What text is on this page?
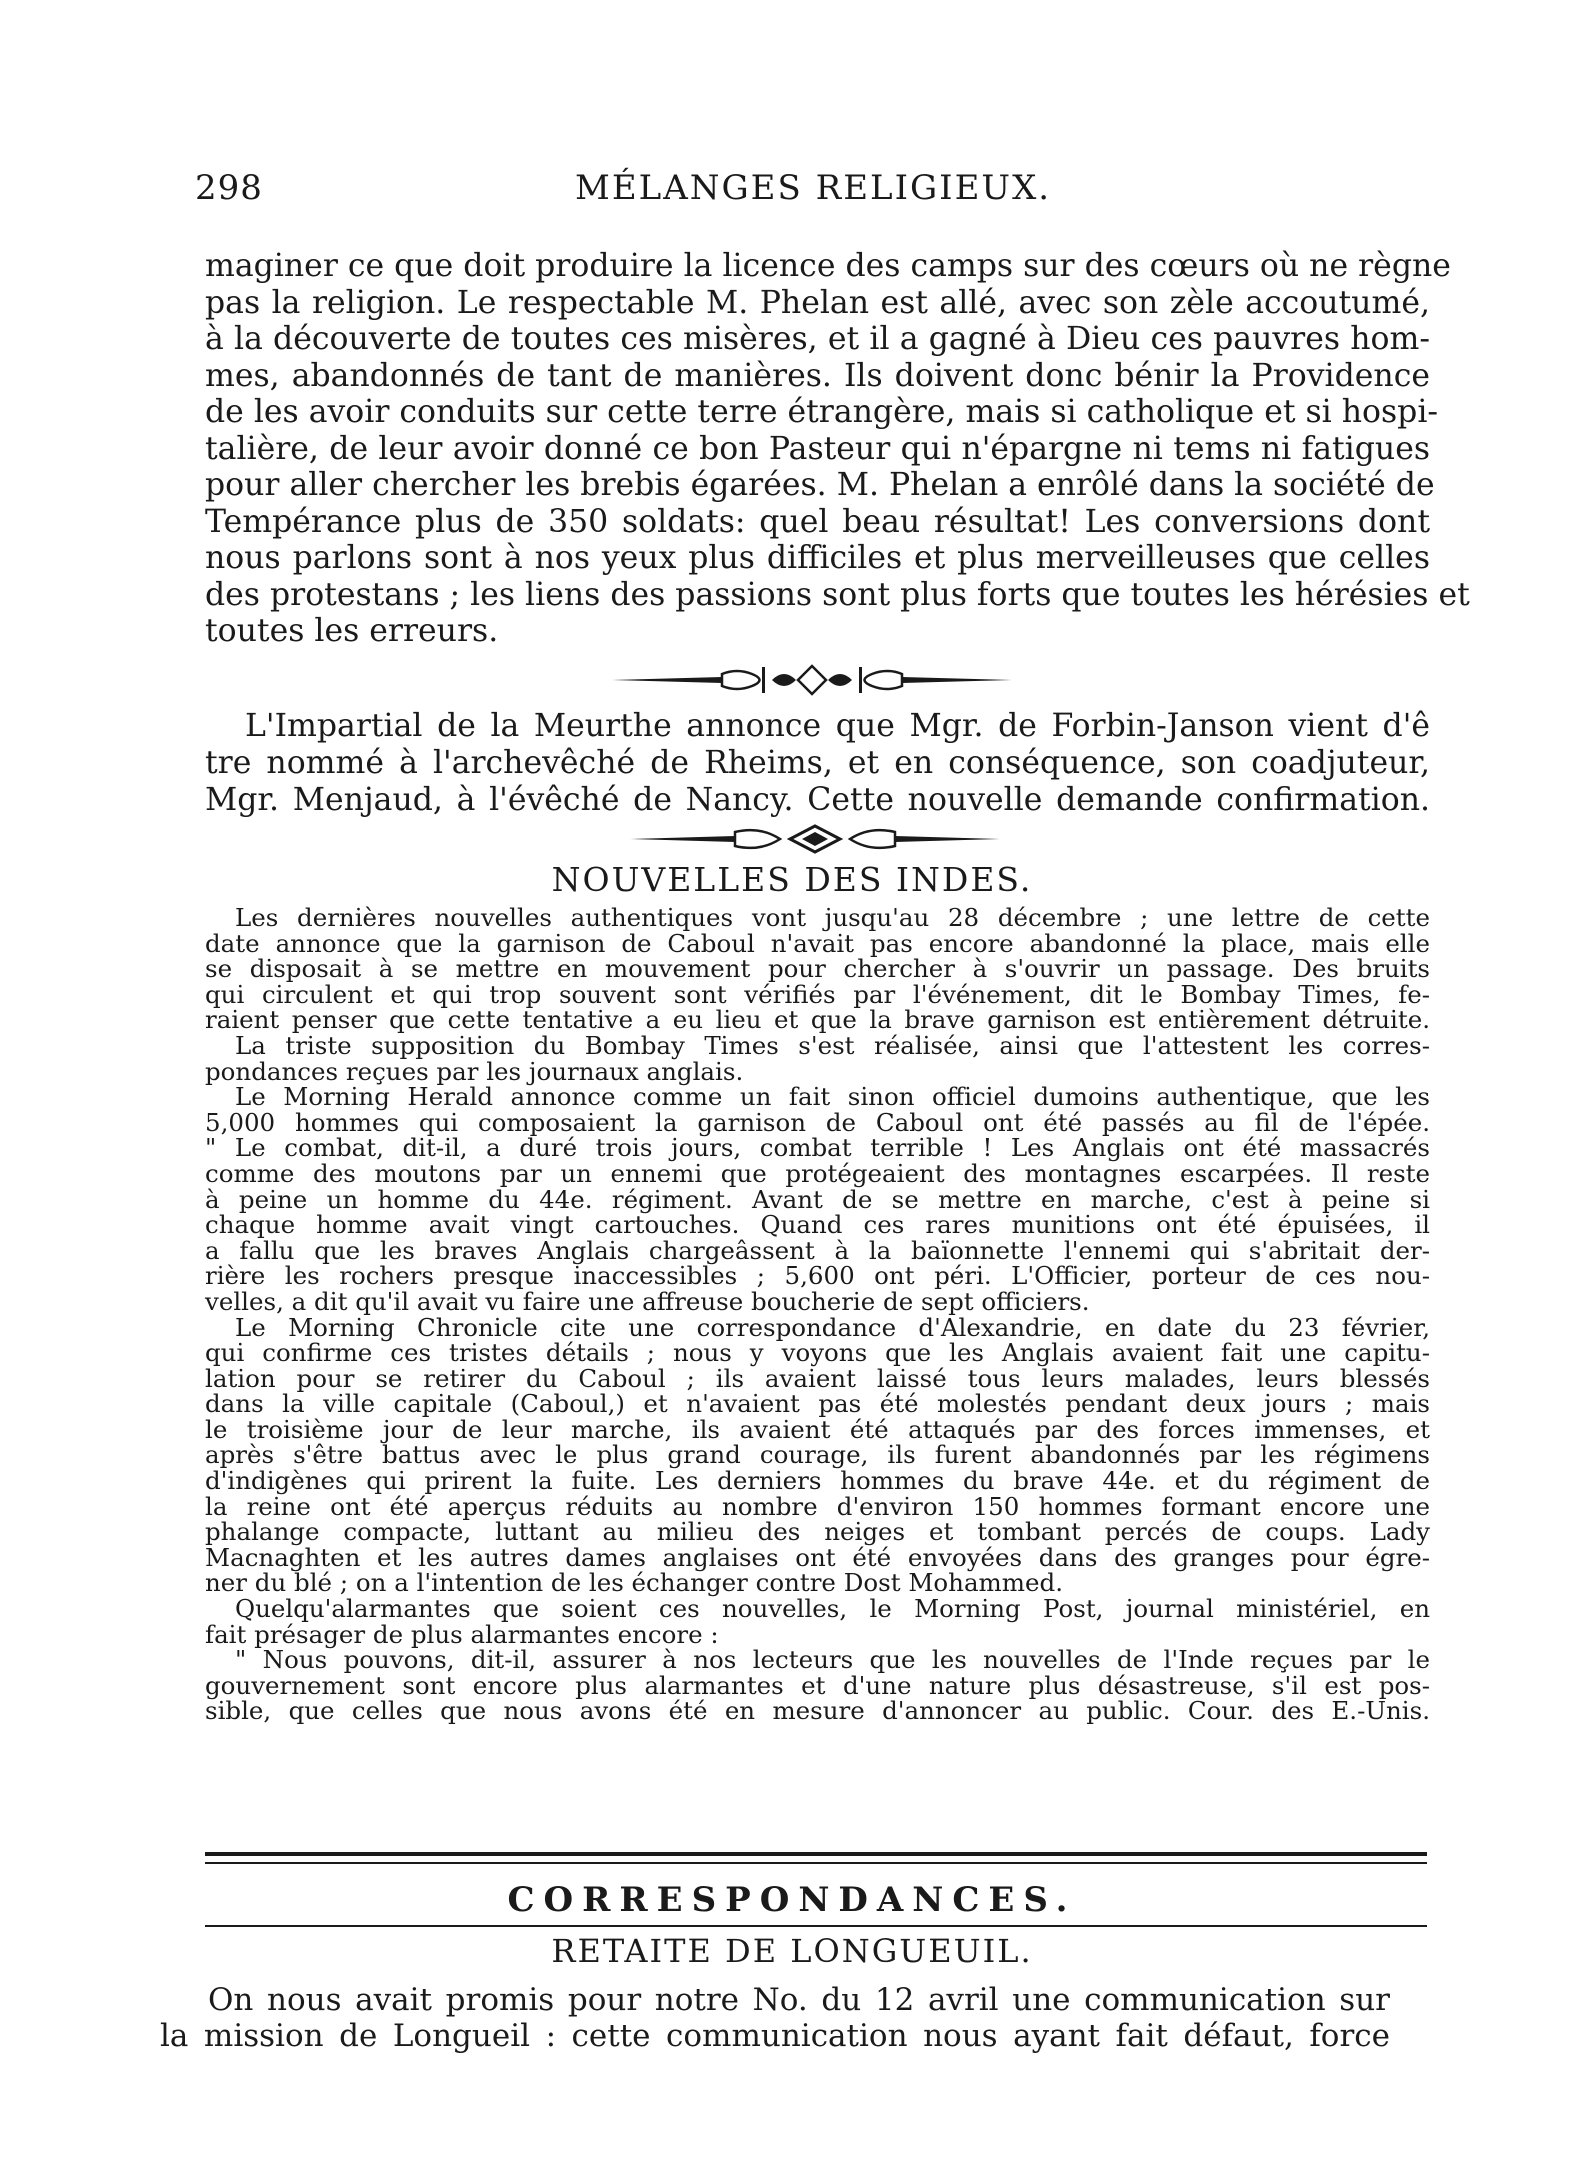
298	MÉLANGES RELIGIEUX.
maginer ce que doit produire la licence des camps sur des cœurs où ne règne
pas la religion. Le respectable M. Phelan est allé, avec son zèle accoutumé,
à la découverte de toutes ces misères, et il a gagné à Dieu ces pauvres hom-
mes, abandonnés de tant de manières. Ils doivent donc bénir la Providence
de les avoir conduits sur cette terre étrangère, mais si catholique et si hospi-
talière, de leur avoir donné ce bon Pasteur qui n'épargne ni tems ni fatigues
pour aller chercher les brebis égarées. M. Phelan a enrôlé dans la société de
Tempérance plus de 350 soldats: quel beau résultat! Les conversions dont
nous parlons sont à nos yeux plus difficiles et plus merveilleuses que celles
des protestans ; les liens des passions sont plus forts que toutes les hérésies et
toutes les erreurs.
L'Impartial de la Meurthe annonce que Mgr. de Forbin-Janson vient d'ê
tre nommé à l'archevêché de Rheims, et en conséquence, son coadjuteur,
Mgr. Menjaud, à l'évêché de Nancy. Cette nouvelle demande confirmation.
NOUVELLES DES INDES.
Les dernières nouvelles authentiques vont jusqu'au 28 décembre ; une lettre de cette
date annonce que la garnison de Caboul n'avait pas encore abandonné la place, mais elle
se disposait à se mettre en mouvement pour chercher à s'ouvrir un passage. Des bruits
qui circulent et qui trop souvent sont vérifiés par l'événement, dit le Bombay Times, fe-
raient penser que cette tentative a eu lieu et que la brave garnison est entièrement détruite.
La triste supposition du Bombay Times s'est réalisée, ainsi que l'attestent les corres-
pondances reçues par les journaux anglais.
Le Morning Herald annonce comme un fait sinon officiel dumoins authentique, que les
5,000 hommes qui composaient la garnison de Caboul ont été passés au fil de l'épée.
" Le combat, dit-il, a duré trois jours, combat terrible ! Les Anglais ont été massacrés
comme des moutons par un ennemi que protégeaient des montagnes escarpées. Il reste
à peine un homme du 44e. régiment. Avant de se mettre en marche, c'est à peine si
chaque homme avait vingt cartouches. Quand ces rares munitions ont été épuisées, il
a fallu que les braves Anglais chargeâssent à la baïonnette l'ennemi qui s'abritait der-
rière les rochers presque inaccessibles ; 5,600 ont péri. L'Officier, porteur de ces nou-
velles, a dit qu'il avait vu faire une affreuse boucherie de sept officiers.
Le Morning Chronicle cite une correspondance d'Alexandrie, en date du 23 février,
qui confirme ces tristes détails ; nous y voyons que les Anglais avaient fait une capitu-
lation pour se retirer du Caboul ; ils avaient laissé tous leurs malades, leurs blessés
dans la ville capitale (Caboul,) et n'avaient pas été molestés pendant deux jours ; mais
le troisième jour de leur marche, ils avaient été attaqués par des forces immenses, et
après s'être battus avec le plus grand courage, ils furent abandonnés par les régimens
d'indigènes qui prirent la fuite. Les derniers hommes du brave 44e. et du régiment de
la reine ont été aperçus réduits au nombre d'environ 150 hommes formant encore une
phalange compacte, luttant au milieu des neiges et tombant percés de coups. Lady
Macnaghten et les autres dames anglaises ont été envoyées dans des granges pour égre-
ner du blé ; on a l'intention de les échanger contre Dost Mohammed.
Quelqu'alarmantes que soient ces nouvelles, le Morning Post, journal ministériel, en
fait présager de plus alarmantes encore :
" Nous pouvons, dit-il, assurer à nos lecteurs que les nouvelles de l'Inde reçues par le
gouvernement sont encore plus alarmantes et d'une nature plus désastreuse, s'il est pos-
sible, que celles que nous avons été en mesure d'annoncer au public. Cour. des E.-Unis.
CORRESPONDANCES.
RETAITE DE LONGUEUIL.
On nous avait promis pour notre No. du 12 avril une communication sur
la mission de Longueil : cette communication nous ayant fait défaut, force
